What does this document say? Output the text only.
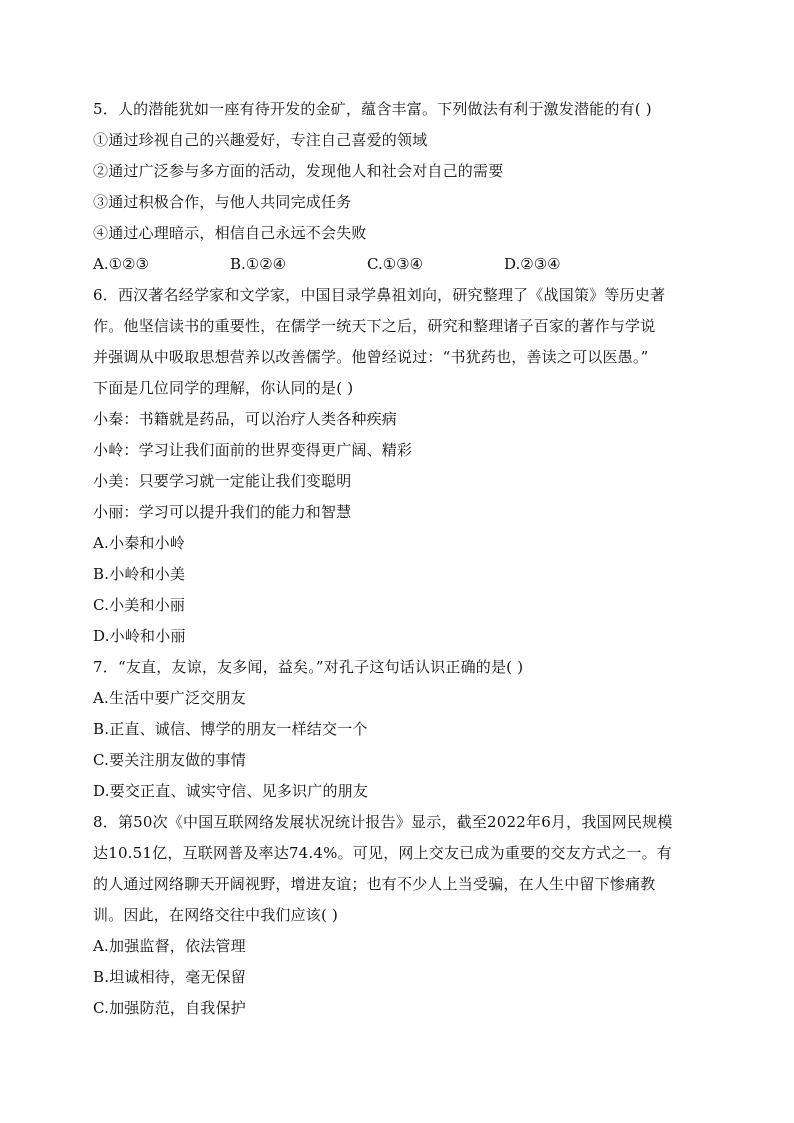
5．人的潜能犹如一座有待开发的金矿，蕴含丰富。下列做法有利于激发潜能的有( )
①通过珍视自己的兴趣爱好，专注自己喜爱的领域
②通过广泛参与多方面的活动，发现他人和社会对自己的需要
③通过积极合作，与他人共同完成任务
④通过心理暗示，相信自己永远不会失败
A.①②③	B.①②④	C.①③④	D.②③④
6．西汉著名经学家和文学家，中国目录学鼻祖刘向，研究整理了《战国策》等历史著
作。他坚信读书的重要性，在儒学一统天下之后，研究和整理诸子百家的著作与学说
并强调从中吸取思想营养以改善儒学。他曾经说过：“书犹药也，善读之可以医愚。”
下面是几位同学的理解，你认同的是( )
小秦：书籍就是药品，可以治疗人类各种疾病
小岭：学习让我们面前的世界变得更广阔、精彩
小美：只要学习就一定能让我们变聪明
小丽：学习可以提升我们的能力和智慧
A.小秦和小岭
B.小岭和小美
C.小美和小丽
D.小岭和小丽
7．“友直，友谅，友多闻，益矣。”对孔子这句话认识正确的是( )
A.生活中要广泛交朋友
B.正直、诚信、博学的朋友一样结交一个
C.要关注朋友做的事情
D.要交正直、诚实守信、见多识广的朋友
8．第50次《中国互联网络发展状况统计报告》显示，截至2022年6月，我国网民规模
达10.51亿，互联网普及率达74.4%。可见，网上交友已成为重要的交友方式之一。有
的人通过网络聊天开阔视野，增进友谊；也有不少人上当受骗，在人生中留下惨痛教
训。因此，在网络交往中我们应该( )
A.加强监督，依法管理
B.坦诚相待，毫无保留
C.加强防范，自我保护
